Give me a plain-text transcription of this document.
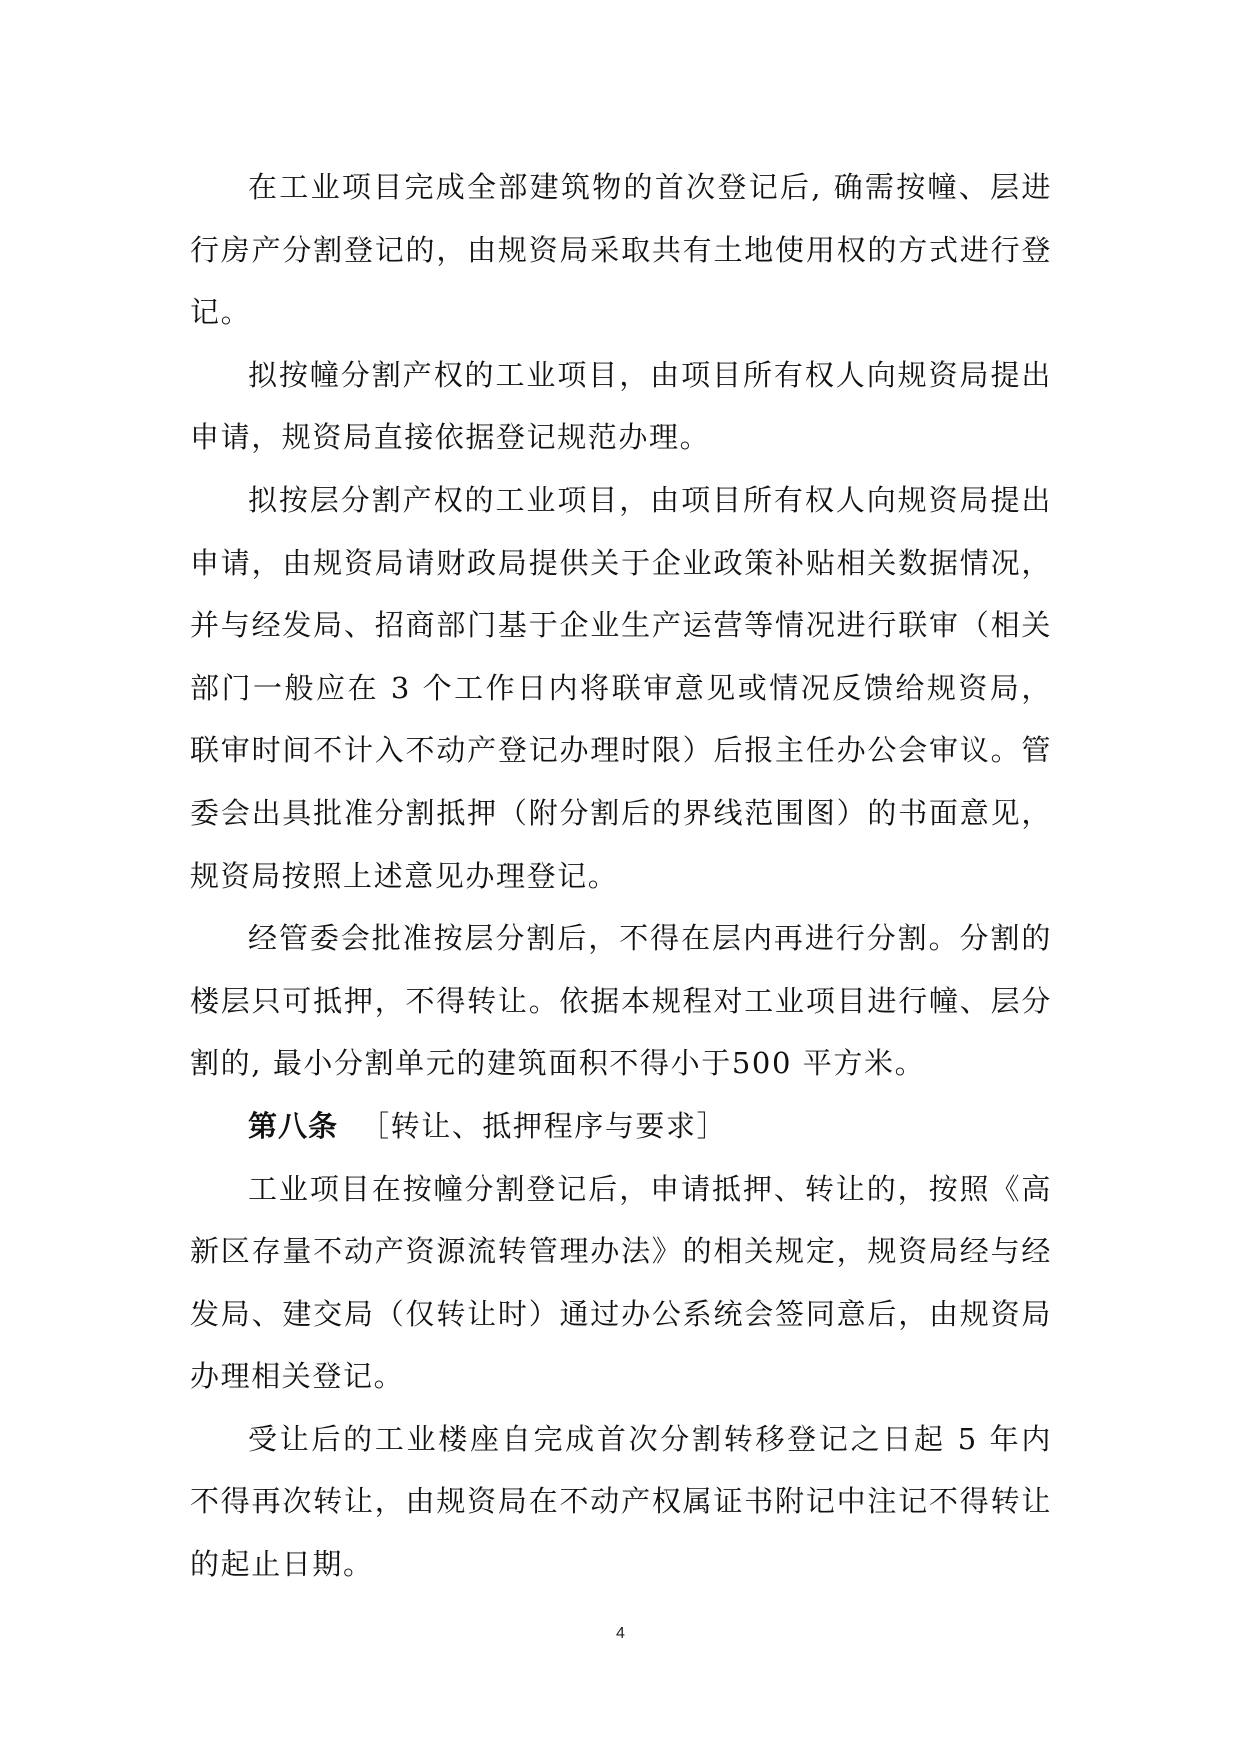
在工业项目完成全部建筑物的首次登记后, 确需按幢、层进行房产分割登记的，由规资局采取共有土地使用权的方式进行登记。

拟按幢分割产权的工业项目，由项目所有权人向规资局提出申请，规资局直接依据登记规范办理。

拟按层分割产权的工业项目，由项目所有权人向规资局提出申请，由规资局请财政局提供关于企业政策补贴相关数据情况，并与经发局、招商部门基于企业生产运营等情况进行联审（相关部门一般应在 3 个工作日内将联审意见或情况反馈给规资局，联审时间不计入不动产登记办理时限）后报主任办公会审议。管委会出具批准分割抵押（附分割后的界线范围图）的书面意见，规资局按照上述意见办理登记。

经管委会批准按层分割后，不得在层内再进行分割。分割的楼层只可抵押，不得转让。依据本规程对工业项目进行幢、层分割的, 最小分割单元的建筑面积不得小于500 平方米。

第八条 ［转让、抵押程序与要求］

工业项目在按幢分割登记后，申请抵押、转让的，按照《高新区存量不动产资源流转管理办法》的相关规定，规资局经与经发局、建交局（仅转让时）通过办公系统会签同意后，由规资局办理相关登记。

受让后的工业楼座自完成首次分割转移登记之日起 5 年内不得再次转让，由规资局在不动产权属证书附记中注记不得转让的起止日期。

4
